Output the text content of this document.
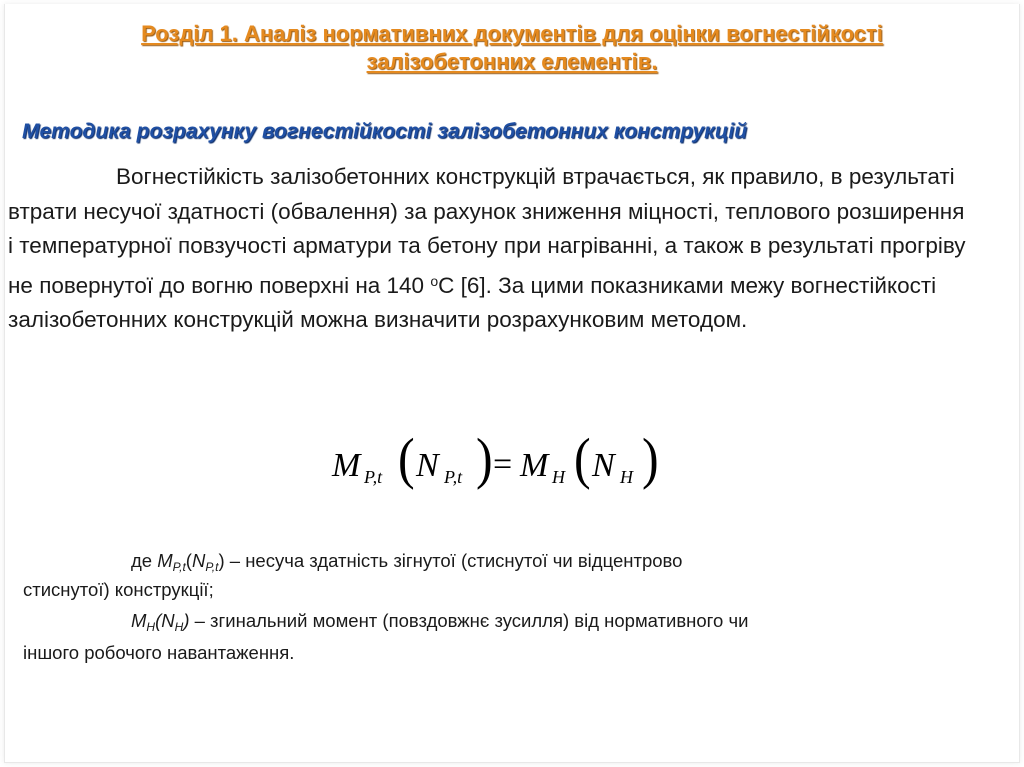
Розділ 1. Аналіз нормативних документів для оцінки вогнестійкості

залізобетонних елементів.

Методика розрахунку вогнестійкості залізобетонних конструкцій

Вогнестійкість залізобетонних конструкцій втрачається, як правило, в результаті втрати несучої здатності (обвалення) за рахунок зниження міцності, теплового розширення і температурної повзучості арматури та бетону при нагріванні, а також в результаті прогріву не повернутої до вогню поверхні на 140 $^о$С [6]. За цими показниками межу вогнестійкості залізобетонних конструкцій можна визначити розрахунковим методом.

M P,t ( N P,t ) = M H ( N H )

де $M_{P,t}(N_{P,t})$ – несуча здатність зігнутої (стиснутої чи відцентрово

стиснутої) конструкції;

$M_H(N_H)$ – згинальний момент (повздовжнє зусилля) від нормативного чи

іншого робочого навантаження.
